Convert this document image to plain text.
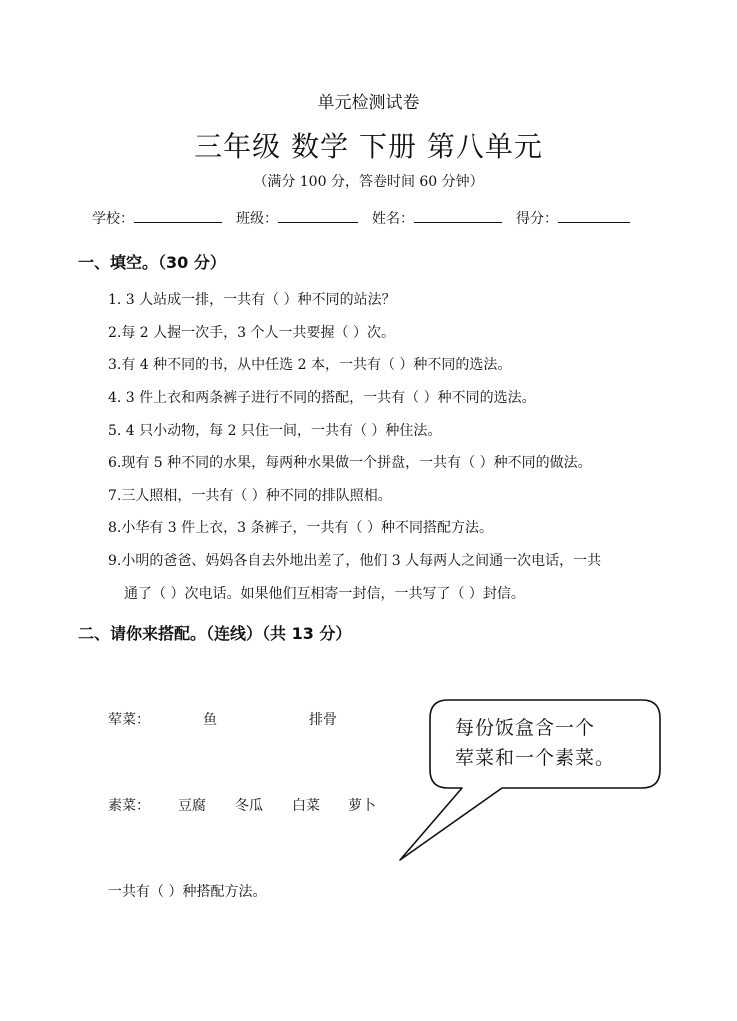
单元检测试卷
三年级 数学 下册 第八单元
（满分 100 分，答卷时间 60 分钟）
学校：	班级：	姓名：	得分：
一、填空。（30 分）
1. 3 人站成一排，一共有（ ）种不同的站法？
2.每 2 人握一次手，3 个人一共要握（ ）次。
3.有 4 种不同的书，从中任选 2 本，一共有（ ）种不同的选法。
4. 3 件上衣和两条裤子进行不同的搭配，一共有（ ）种不同的选法。
5. 4 只小动物，每 2 只住一间，一共有（ ）种住法。
6.现有 5 种不同的水果，每两种水果做一个拼盘，一共有（ ）种不同的做法。
7.三人照相，一共有（ ）种不同的排队照相。
8.小华有 3 件上衣，3 条裤子，一共有（ ）种不同搭配方法。
9.小明的爸爸、妈妈各自去外地出差了，他们 3 人每两人之间通一次电话，一共
通了（ ）次电话。如果他们互相寄一封信，一共写了（ ）封信。
二、请你来搭配。（连线）（共 13 分）
荤菜：	鱼	排骨
素菜： 豆腐 冬瓜 白菜 萝卜
每份饭盒含一个
荤菜和一个素菜。
一共有（ ）种搭配方法。
